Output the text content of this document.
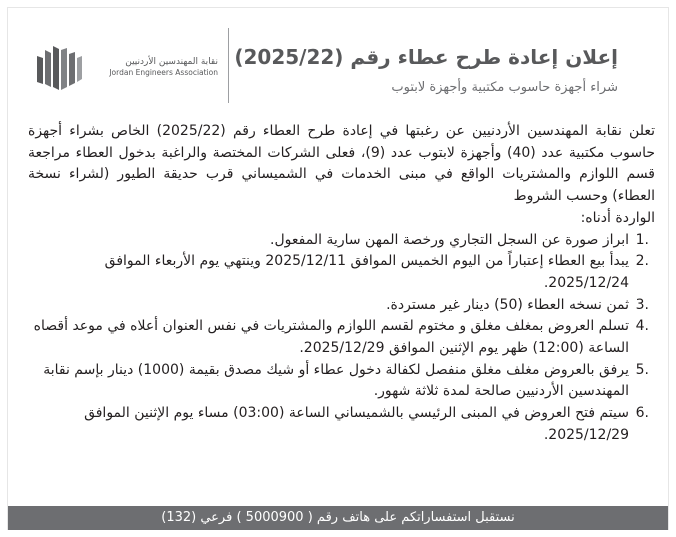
إعلان إعادة طرح عطاء رقم (2025/22)
شراء أجهزة حاسوب مكتبية وأجهزة لابتوب
نقابة المهندسين الأردنيين
Jordan Engineers Association

تعلن نقابة المهندسين الأردنيين عن رغبتها في إعادة طرح العطاء رقم (2025/22) الخاص بشراء أجهزة حاسوب مكتبية عدد (40) وأجهزة لابتوب عدد (9)، فعلى الشركات المختصة والراغبة بدخول العطاء مراجعة قسم اللوازم والمشتريات الواقع في مبنى الخدمات في الشميساني قرب حديقة الطيور (لشراء نسخة العطاء) وحسب الشروط

الواردة أدناه:

1.
ابراز صورة عن السجل التجاري ورخصة المهن سارية المفعول.
2.
يبدأ بيع العطاء إعتباراً من اليوم الخميس الموافق 2025/12/11 وينتهي يوم الأربعاء الموافق 2025/12/24.
3.
ثمن نسخه العطاء (50) دينار غير مستردة.
4.
تسلم العروض بمغلف مغلق و مختوم لقسم اللوازم والمشتريات في نفس العنوان أعلاه في موعد أقصاه الساعة (12:00) ظهر يوم الإثنين الموافق 2025/12/29.
5.
يرفق بالعروض مغلف مغلق منفصل لكفالة دخول عطاء أو شيك مصدق بقيمة (1000) دينار بإسم نقابة المهندسين الأردنيين صالحة لمدة ثلاثة شهور.
6.
سيتم فتح العروض في المبنى الرئيسي بالشميساني الساعة (03:00) مساء يوم الإثنين الموافق 2025/12/29.
نستقبل استفساراتكم على هاتف رقم ( 5000900 ) فرعي (132)
